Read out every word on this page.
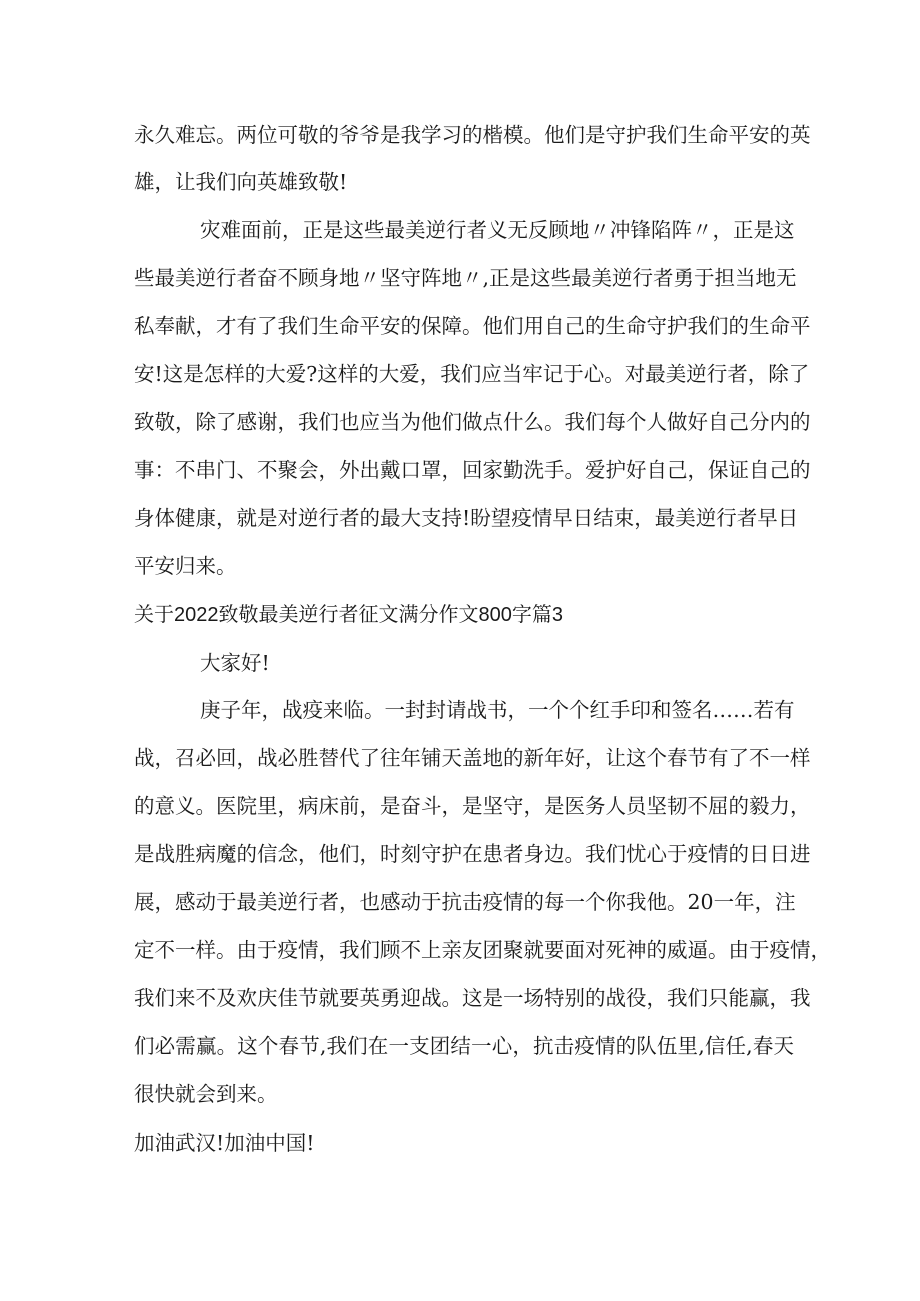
永久难忘。两位可敬的爷爷是我学习的楷模。他们是守护我们生命平安的英
雄，让我们向英雄致敬!
灾难面前，正是这些最美逆行者义无反顾地〃冲锋陷阵〃，正是这
些最美逆行者奋不顾身地〃坚守阵地〃,正是这些最美逆行者勇于担当地无
私奉献，才有了我们生命平安的保障。他们用自己的生命守护我们的生命平
安!这是怎样的大爱?这样的大爱，我们应当牢记于心。对最美逆行者，除了
致敬，除了感谢，我们也应当为他们做点什么。我们每个人做好自己分内的
事：不串门、不聚会，外出戴口罩，回家勤洗手。爱护好自己，保证自己的
身体健康，就是对逆行者的最大支持!盼望疫情早日结束，最美逆行者早日
平安归来。
关于2022致敬最美逆行者征文满分作文800字篇3
大家好!
庚子年，战疫来临。一封封请战书，一个个红手印和签名……若有
战，召必回，战必胜替代了往年铺天盖地的新年好，让这个春节有了不一样
的意义。医院里，病床前，是奋斗，是坚守，是医务人员坚韧不屈的毅力，
是战胜病魔的信念，他们，时刻守护在患者身边。我们忧心于疫情的日日进
展，感动于最美逆行者，也感动于抗击疫情的每一个你我他。20一年，注
定不一样。由于疫情，我们顾不上亲友团聚就要面对死神的威逼。由于疫情，
我们来不及欢庆佳节就要英勇迎战。这是一场特别的战役，我们只能赢，我
们必需赢。这个春节,我们在一支团结一心，抗击疫情的队伍里,信任,春天
很快就会到来。
加油武汉!加油中国!
